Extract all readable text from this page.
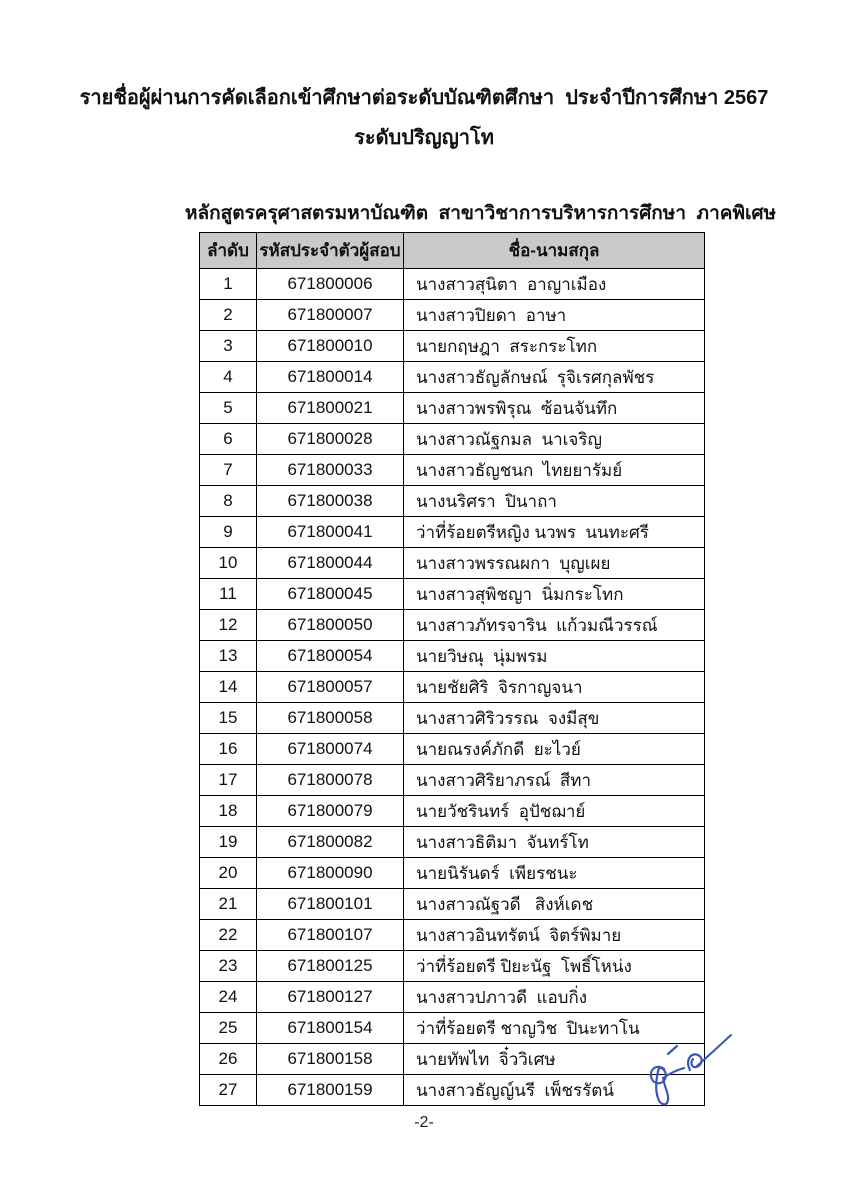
รายชื่อผู้ผ่านการคัดเลือกเข้าศึกษาต่อระดับบัณฑิตศึกษา  ประจำปีการศึกษา 2567
ระดับปริญญาโท
หลักสูตรครุศาสตรมหาบัณฑิต  สาขาวิชาการบริหารการศึกษา  ภาคพิเศษ
ลำดับ	รหัสประจำตัวผู้สอบ	ชื่อ-นามสกุล
1	671800006	นางสาวสุนิตา  อาญาเมือง
2	671800007	นางสาวปิยดา  อาษา
3	671800010	นายกฤษฎา  สระกระโทก
4	671800014	นางสาวธัญลักษณ์  รุจิเรศกุลพัชร
5	671800021	นางสาวพรพิรุณ  ซ้อนจันทึก
6	671800028	นางสาวณัฐกมล  นาเจริญ
7	671800033	นางสาวธัญชนก  ไทยยารัมย์
8	671800038	นางนริศรา  ปินาถา
9	671800041	ว่าที่ร้อยตรีหญิง นวพร  นนทะศรี
10	671800044	นางสาวพรรณผกา  บุญเผย
11	671800045	นางสาวสุพิชญา  นิ่มกระโทก
12	671800050	นางสาวภัทรจาริน  แก้วมณีวรรณ์
13	671800054	นายวิษณุ  นุ่มพรม
14	671800057	นายชัยศิริ  จิรกาญจนา
15	671800058	นางสาวศิริวรรณ  จงมีสุข
16	671800074	นายณรงค์ภักดี  ยะไวย์
17	671800078	นางสาวศิริยาภรณ์  สีทา
18	671800079	นายวัชรินทร์  อุปัชฌาย์
19	671800082	นางสาวธิติมา  จันทร์โท
20	671800090	นายนิรันดร์  เพียรชนะ
21	671800101	นางสาวณัฐวดี   สิงห์เดช
22	671800107	นางสาวอินทรัตน์  จิตร์พิมาย
23	671800125	ว่าที่ร้อยตรี ปิยะนัฐ  โพธิ์โหน่ง
24	671800127	นางสาวปภาวดี  แอบกิ่ง
25	671800154	ว่าที่ร้อยตรี ชาญวิช  ปินะทาโน
26	671800158	นายทัพไท  จิ๋ววิเศษ
27	671800159	นางสาวธัญญ์นรี  เพ็ชรรัตน์
-2-
